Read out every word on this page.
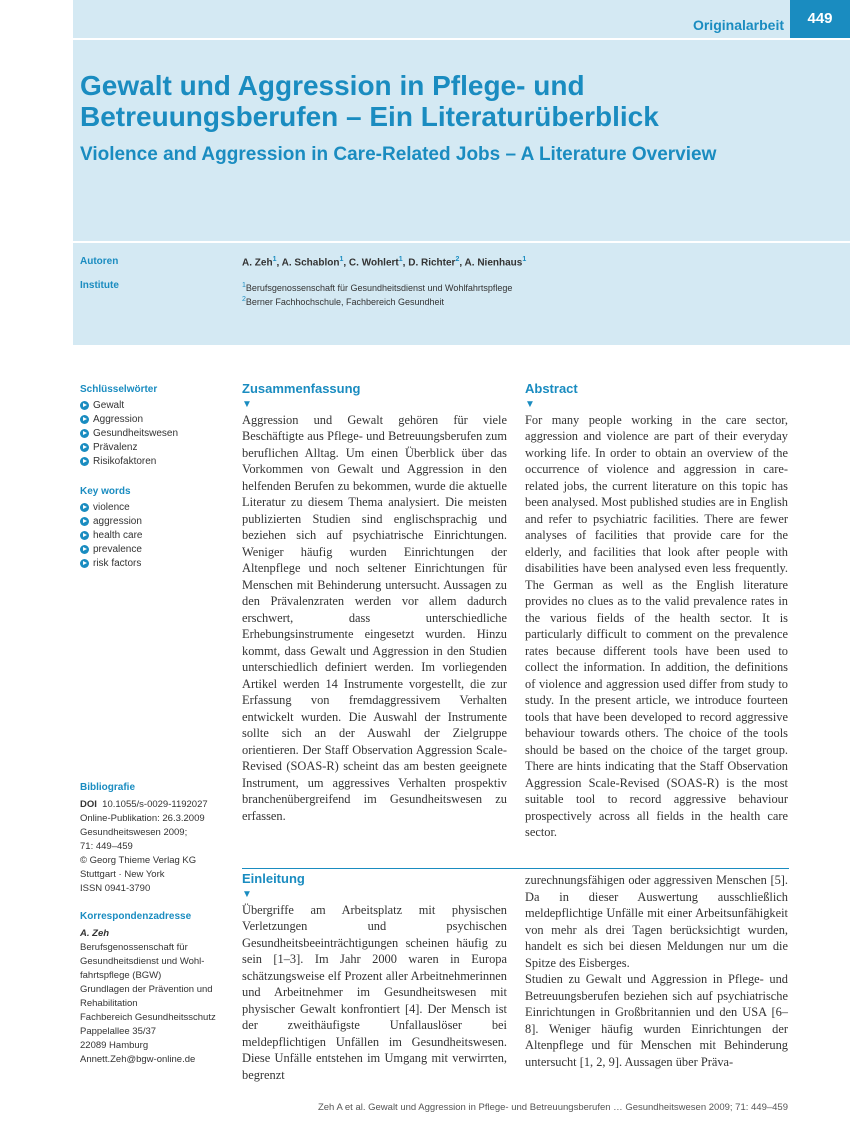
Originalarbeit	449
Gewalt und Aggression in Pflege- und
Betreuungsberufen – Ein Literaturüberblick
Violence and Aggression in Care-Related Jobs – A Literature Overview
Autoren
Institute
A. Zeh$^1$, A. Schablon$^1$, C. Wohlert$^1$, D. Richter$^2$, A. Nienhaus$^1$
$^1$Berufsgenossenschaft für Gesundheitsdienst und Wohlfahrtspflege
$^2$Berner Fachhochschule, Fachbereich Gesundheit
Schlüsselwörter
Gewalt
Aggression
Gesundheitswesen
Prävalenz
Risikofaktoren
Key words
violence
aggression
health care
prevalence
risk factors
Bibliografie
DOI 10.1055/s-0029-1192027
Online-Publikation: 26.3.2009
Gesundheitswesen 2009;
71: 449–459
© Georg Thieme Verlag KG
Stuttgart · New York
ISSN 0941-3790
Korrespondenzadresse
A. Zeh
Berufsgenossenschaft für
Gesundheitsdienst und Wohl-
fahrtspflege (BGW)
Grundlagen der Prävention und
Rehabilitation
Fachbereich Gesundheitsschutz
Pappelallee 35/37
22089 Hamburg
Annett.Zeh@bgw-online.de
Zusammenfassung
▼
Aggression und Gewalt gehören für viele Beschäftigte aus Pflege- und Betreuungsberufen zum beruflichen Alltag. Um einen Überblick über das Vorkommen von Gewalt und Aggression in den helfenden Berufen zu bekommen, wurde die aktuelle Literatur zu diesem Thema analysiert. Die meisten publizierten Studien sind englischsprachig und beziehen sich auf psychiatrische Einrichtungen. Weniger häufig wurden Einrichtungen der Altenpflege und noch seltener Einrichtungen für Menschen mit Behinderung untersucht. Aussagen zu den Prävalenzraten werden vor allem dadurch erschwert, dass unterschiedliche Erhebungsinstrumente eingesetzt wurden. Hinzu kommt, dass Gewalt und Aggression in den Studien unterschiedlich definiert werden. Im vorliegenden Artikel werden 14 Instrumente vorgestellt, die zur Erfassung von fremdaggressivem Verhalten entwickelt wurden. Die Auswahl der Instrumente sollte sich an der Auswahl der Zielgruppe orientieren. Der Staff Observation Aggression Scale-Revised (SOAS-R) scheint das am besten geeignete Instrument, um aggressives Verhalten prospektiv branchenübergreifend im Gesundheitswesen zu erfassen.
Abstract
▼
For many people working in the care sector, aggression and violence are part of their everyday working life. In order to obtain an overview of the occurrence of violence and aggression in care-related jobs, the current literature on this topic has been analysed. Most published studies are in English and refer to psychiatric facilities. There are fewer analyses of facilities that provide care for the elderly, and facilities that look after people with disabilities have been analysed even less frequently. The German as well as the English literature provides no clues as to the valid prevalence rates in the various fields of the health sector. It is particularly difficult to comment on the prevalence rates because different tools have been used to collect the information. In addition, the definitions of violence and aggression used differ from study to study. In the present article, we introduce fourteen tools that have been developed to record aggressive behaviour towards others. The choice of the tools should be based on the choice of the target group. There are hints indicating that the Staff Observation Aggression Scale-Revised (SOAS-R) is the most suitable tool to record aggressive behaviour prospectively across all fields in the health care sector.
Einleitung
▼
Übergriffe am Arbeitsplatz mit physischen Verletzungen und psychischen Gesundheitsbeeinträchtigungen scheinen häufig zu sein [1–3]. Im Jahr 2000 waren in Europa schätzungsweise elf Prozent aller Arbeitnehmerinnen und Arbeitnehmer im Gesundheitswesen mit physischer Gewalt konfrontiert [4]. Der Mensch ist der zweithäufigste Unfallauslöser bei meldepflichtigen Unfällen im Gesundheitswesen. Diese Unfälle entstehen im Umgang mit verwirrten, begrenzt
zurechnungsfähigen oder aggressiven Menschen [5]. Da in dieser Auswertung ausschließlich meldepflichtige Unfälle mit einer Arbeitsunfähigkeit von mehr als drei Tagen berücksichtigt wurden, handelt es sich bei diesen Meldungen nur um die Spitze des Eisberges.
Studien zu Gewalt und Aggression in Pflege- und Betreuungsberufen beziehen sich auf psychiatrische Einrichtungen in Großbritannien und den USA [6–8]. Weniger häufig wurden Einrichtungen der Altenpflege und für Menschen mit Behinderung untersucht [1, 2, 9]. Aussagen über Präva-
Zeh A et al. Gewalt und Aggression in Pflege- und Betreuungsberufen … Gesundheitswesen 2009; 71: 449–459
